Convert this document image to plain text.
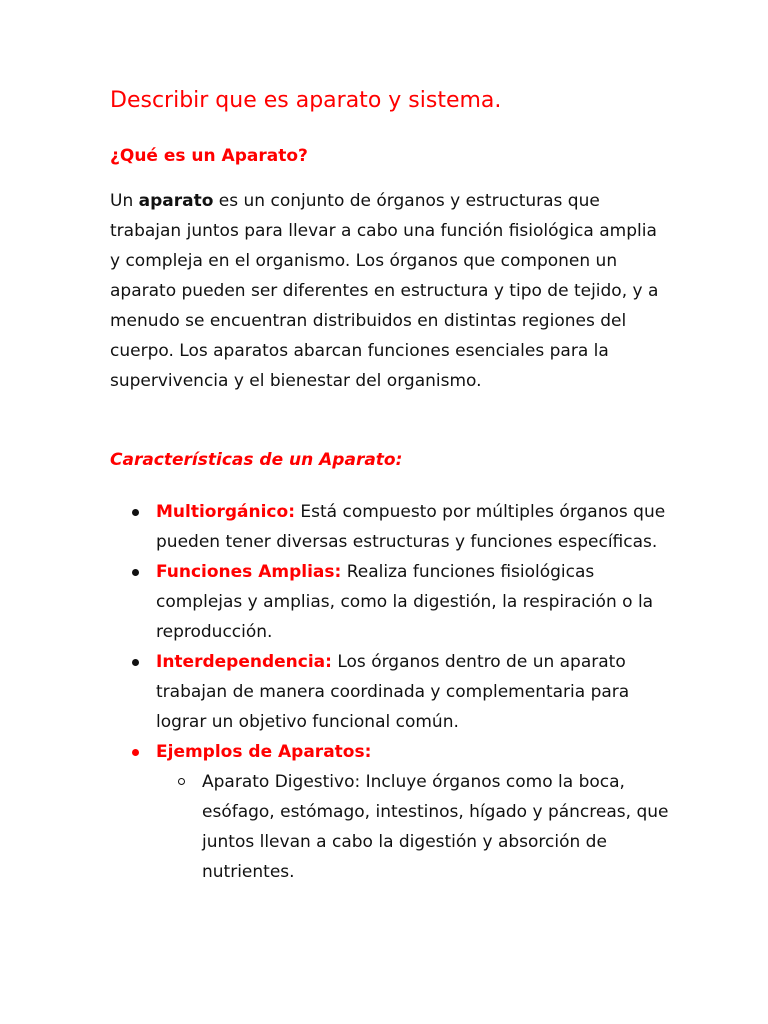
Describir que es aparato y sistema.
¿Qué es un Aparato?

Un aparato es un conjunto de órganos y estructuras que trabajan juntos para llevar a cabo una función fisiológica amplia y compleja en el organismo. Los órganos que componen un aparato pueden ser diferentes en estructura y tipo de tejido, y a menudo se encuentran distribuidos en distintas regiones del cuerpo. Los aparatos abarcan funciones esenciales para la supervivencia y el bienestar del organismo.

Características de un Aparato:
Multiorgánico: Está compuesto por múltiples órganos que pueden tener diversas estructuras y funciones específicas.
Funciones Amplias: Realiza funciones fisiológicas complejas y amplias, como la digestión, la respiración o la reproducción.
Interdependencia: Los órganos dentro de un aparato trabajan de manera coordinada y complementaria para lograr un objetivo funcional común.
Ejemplos de Aparatos:
Aparato Digestivo: Incluye órganos como la boca, esófago, estómago, intestinos, hígado y páncreas, que juntos llevan a cabo la digestión y absorción de nutrientes.
